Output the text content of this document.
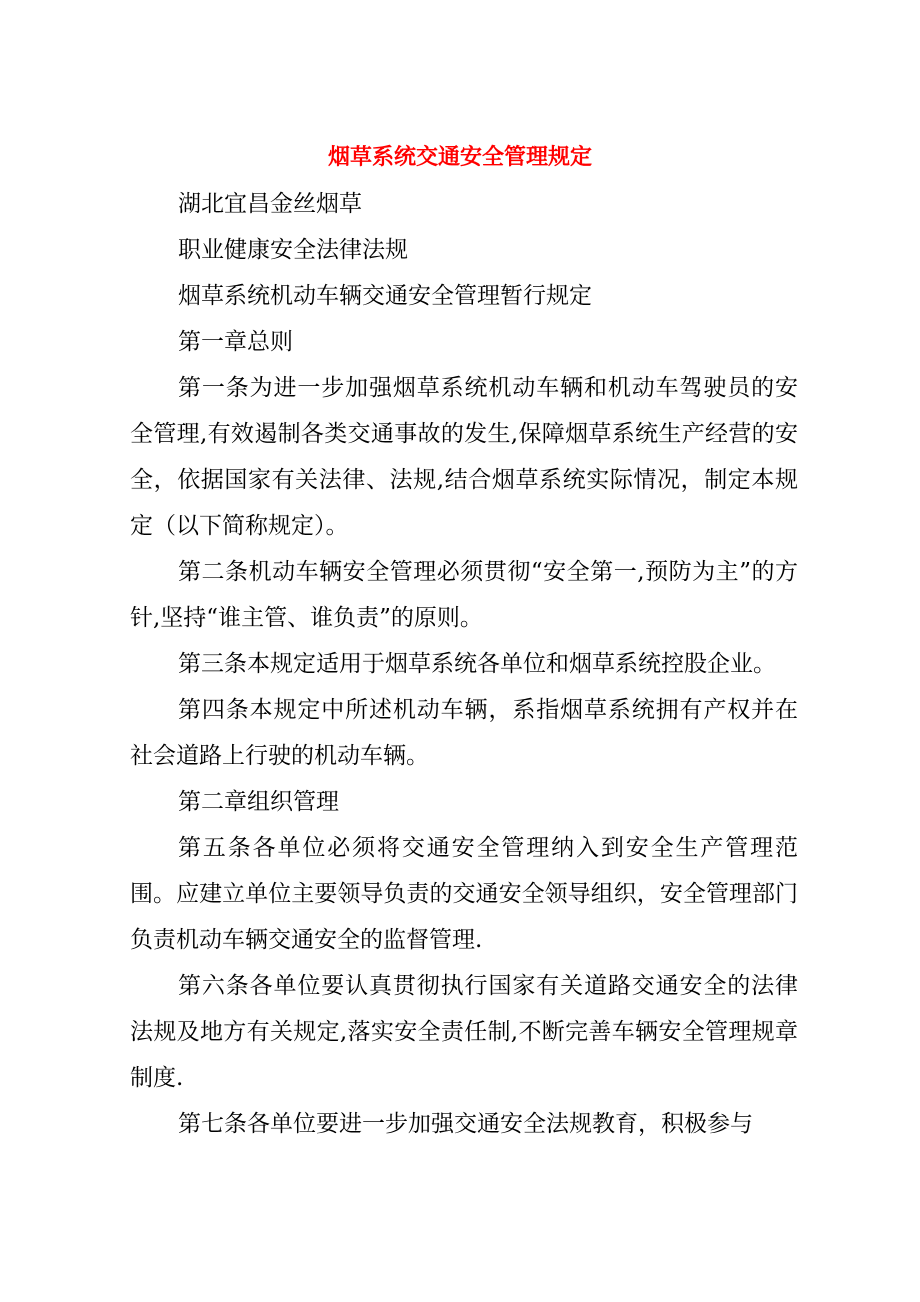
烟草系统交通安全管理规定

湖北宜昌金丝烟草

职业健康安全法律法规

烟草系统机动车辆交通安全管理暂行规定

第一章总则

第一条为进一步加强烟草系统机动车辆和机动车驾驶员的安全管理,有效遏制各类交通事故的发生,保障烟草系统生产经营的安全，依据国家有关法律、法规,结合烟草系统实际情况，制定本规定（以下简称规定）。

第二条机动车辆安全管理必须贯彻“安全第一,预防为主”的方针,坚持“谁主管、谁负责”的原则。

第三条本规定适用于烟草系统各单位和烟草系统控股企业。

第四条本规定中所述机动车辆，系指烟草系统拥有产权并在社会道路上行驶的机动车辆。

第二章组织管理

第五条各单位必须将交通安全管理纳入到安全生产管理范围。应建立单位主要领导负责的交通安全领导组织，安全管理部门负责机动车辆交通安全的监督管理.

第六条各单位要认真贯彻执行国家有关道路交通安全的法律法规及地方有关规定,落实安全责任制,不断完善车辆安全管理规章制度.

第七条各单位要进一步加强交通安全法规教育，积极参与
